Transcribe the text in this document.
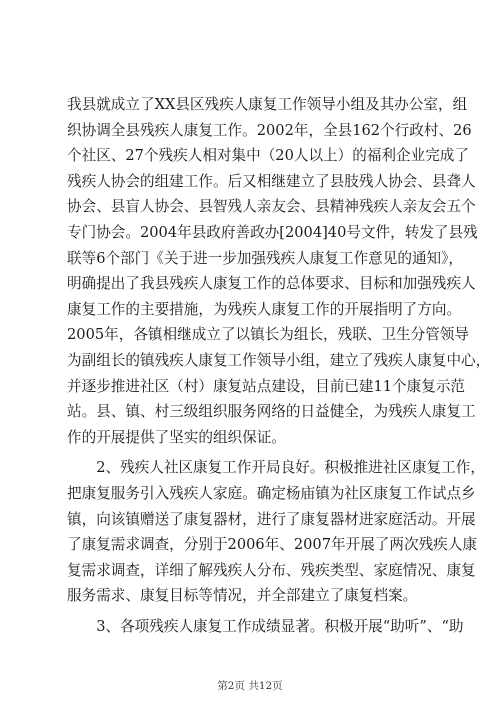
我县就成立了XX县区残疾人康复工作领导小组及其办公室，组
织协调全县残疾人康复工作。2002年，全县162个行政村、26
个社区、27个残疾人相对集中（20人以上）的福利企业完成了
残疾人协会的组建工作。后又相继建立了县肢残人协会、县聋人
协会、县盲人协会、县智残人亲友会、县精神残疾人亲友会五个
专门协会。2004年县政府善政办[2004]40号文件，转发了县残
联等6个部门《关于进一步加强残疾人康复工作意见的通知》，
明确提出了我县残疾人康复工作的总体要求、目标和加强残疾人
康复工作的主要措施，为残疾人康复工作的开展指明了方向。
2005年，各镇相继成立了以镇长为组长，残联、卫生分管领导
为副组长的镇残疾人康复工作领导小组，建立了残疾人康复中心，
并逐步推进社区（村）康复站点建设，目前已建11个康复示范
站。县、镇、村三级组织服务网络的日益健全，为残疾人康复工
作的开展提供了坚实的组织保证。
　　2、残疾人社区康复工作开局良好。积极推进社区康复工作，
把康复服务引入残疾人家庭。确定杨庙镇为社区康复工作试点乡
镇，向该镇赠送了康复器材，进行了康复器材进家庭活动。开展
了康复需求调查，分别于2006年、2007年开展了两次残疾人康
复需求调查，详细了解残疾人分布、残疾类型、家庭情况、康复
服务需求、康复目标等情况，并全部建立了康复档案。
　　3、各项残疾人康复工作成绩显著。积极开展“助听”、“助
第2页 共12页
